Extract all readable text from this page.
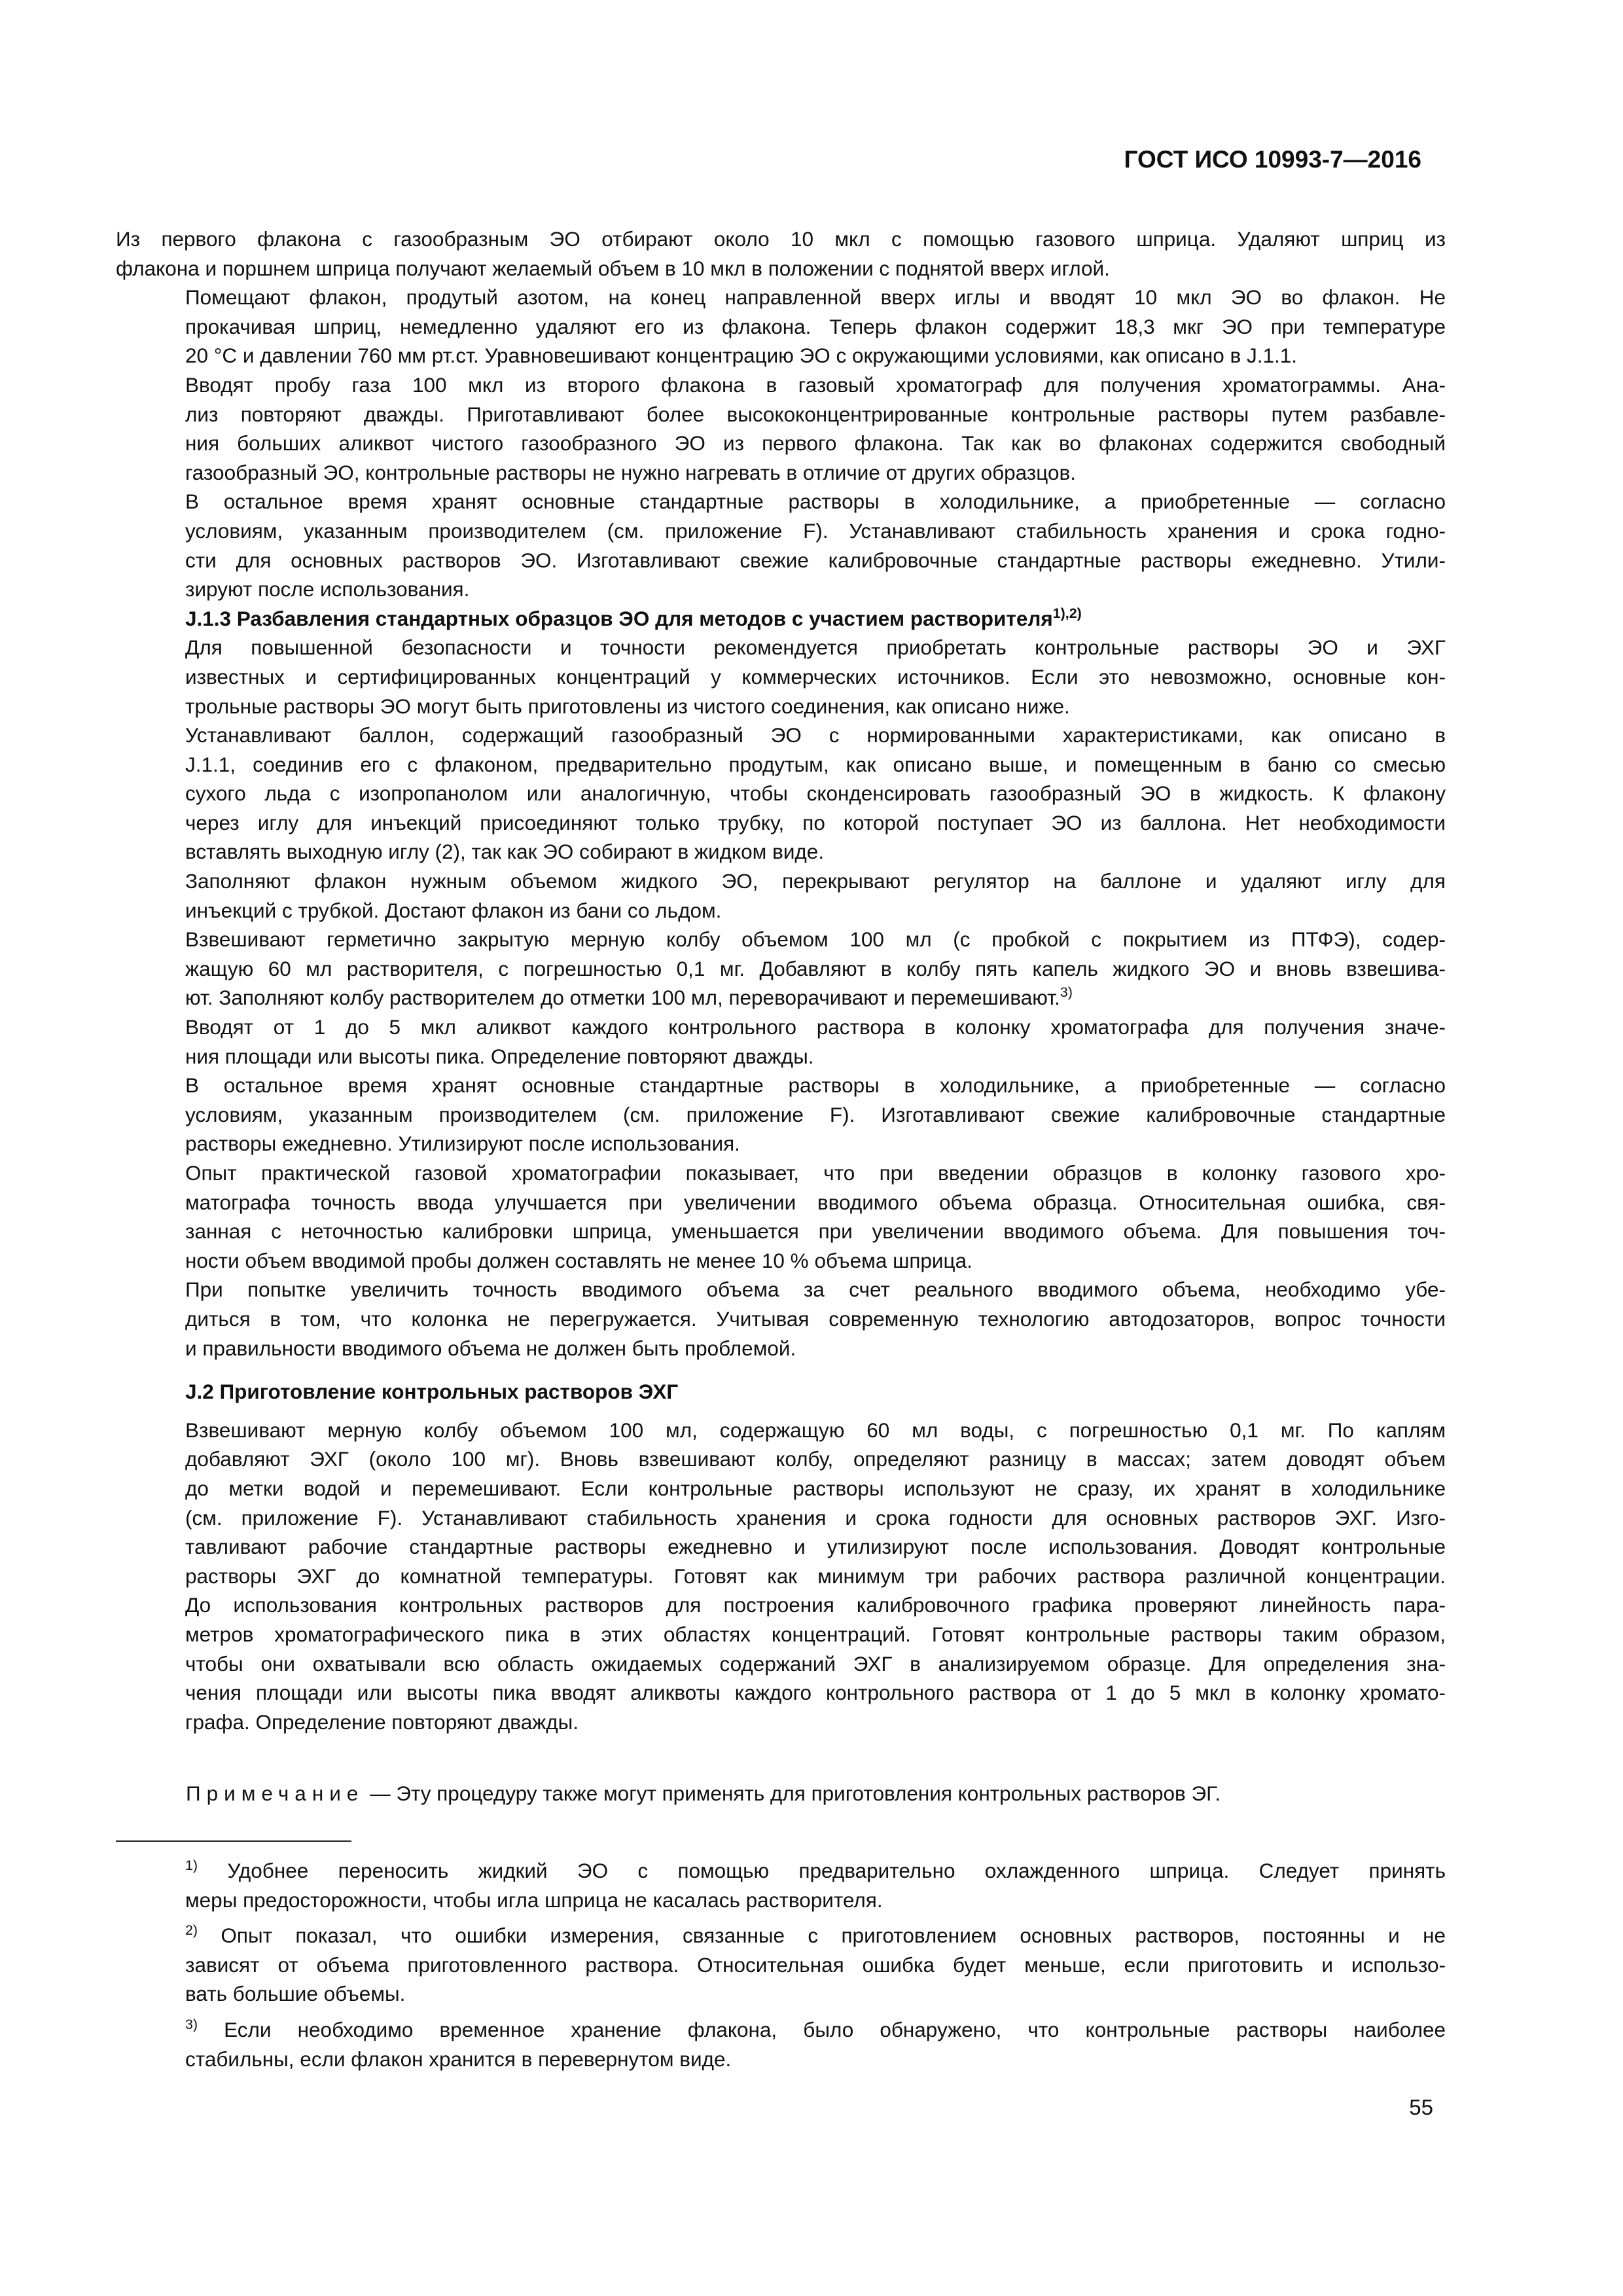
ГОСТ ИСО 10993-7—2016

Из первого флакона с газообразным ЭО отбирают около 10 мкл с помощью газового шприца. Удаляют шприц из
флакона и поршнем шприца получают желаемый объем в 10 мкл в положении с поднятой вверх иглой.

Помещают флакон, продутый азотом, на конец направленной вверх иглы и вводят 10 мкл ЭО во флакон. Не
прокачивая шприц, немедленно удаляют его из флакона. Теперь флакон содержит 18,3 мкг ЭО при температуре
20 °С и давлении 760 мм рт.ст. Уравновешивают концентрацию ЭО с окружающими условиями, как описано в J.1.1.

Вводят пробу газа 100 мкл из второго флакона в газовый хроматограф для получения хроматограммы. Ана-
лиз повторяют дважды. Приготавливают более высококонцентрированные контрольные растворы путем разбавле-
ния больших аликвот чистого газообразного ЭО из первого флакона. Так как во флаконах содержится свободный
газообразный ЭО, контрольные растворы не нужно нагревать в отличие от других образцов.

В остальное время хранят основные стандартные растворы в холодильнике, а приобретенные — согласно
условиям, указанным производителем (см. приложение F). Устанавливают стабильность хранения и срока годно-
сти для основных растворов ЭО. Изготавливают свежие калибровочные стандартные растворы ежедневно. Утили-
зируют после использования.

J.1.3 Разбавления стандартных образцов ЭО для методов с участием растворителя$^{1),2)}$

Для повышенной безопасности и точности рекомендуется приобретать контрольные растворы ЭО и ЭХГ
известных и сертифицированных концентраций у коммерческих источников. Если это невозможно, основные кон-
трольные растворы ЭО могут быть приготовлены из чистого соединения, как описано ниже.

Устанавливают баллон, содержащий газообразный ЭО с нормированными характеристиками, как описано в
J.1.1, соединив его с флаконом, предварительно продутым, как описано выше, и помещенным в баню со смесью
сухого льда с изопропанолом или аналогичную, чтобы сконденсировать газообразный ЭО в жидкость. К флакону
через иглу для инъекций присоединяют только трубку, по которой поступает ЭО из баллона. Нет необходимости
вставлять выходную иглу (2), так как ЭО собирают в жидком виде.

Заполняют флакон нужным объемом жидкого ЭО, перекрывают регулятор на баллоне и удаляют иглу для
инъекций с трубкой. Достают флакон из бани со льдом.

Взвешивают герметично закрытую мерную колбу объемом 100 мл (с пробкой с покрытием из ПТФЭ), содер-
жащую 60 мл растворителя, с погрешностью 0,1 мг. Добавляют в колбу пять капель жидкого ЭО и вновь взвешива-
ют. Заполняют колбу растворителем до отметки 100 мл, переворачивают и перемешивают.$^{3)}$

Вводят от 1 до 5 мкл аликвот каждого контрольного раствора в колонку хроматографа для получения значе-
ния площади или высоты пика. Определение повторяют дважды.

В остальное время хранят основные стандартные растворы в холодильнике, а приобретенные — согласно
условиям, указанным производителем (см. приложение F). Изготавливают свежие калибровочные стандартные
растворы ежедневно. Утилизируют после использования.

Опыт практической газовой хроматографии показывает, что при введении образцов в колонку газового хро-
матографа точность ввода улучшается при увеличении вводимого объема образца. Относительная ошибка, свя-
занная с неточностью калибровки шприца, уменьшается при увеличении вводимого объема. Для повышения точ-
ности объем вводимой пробы должен составлять не менее 10 % объема шприца.

При попытке увеличить точность вводимого объема за счет реального вводимого объема, необходимо убе-
диться в том, что колонка не перегружается. Учитывая современную технологию автодозаторов, вопрос точности
и правильности вводимого объема не должен быть проблемой.

J.2 Приготовление контрольных растворов ЭХГ

Взвешивают мерную колбу объемом 100 мл, содержащую 60 мл воды, с погрешностью 0,1 мг. По каплям
добавляют ЭХГ (около 100 мг). Вновь взвешивают колбу, определяют разницу в массах; затем доводят объем
до метки водой и перемешивают. Если контрольные растворы используют не сразу, их хранят в холодильнике
(см. приложение F). Устанавливают стабильность хранения и срока годности для основных растворов ЭХГ. Изго-
тавливают рабочие стандартные растворы ежедневно и утилизируют после использования. Доводят контрольные
растворы ЭХГ до комнатной температуры. Готовят как минимум три рабочих раствора различной концентрации.
До использования контрольных растворов для построения калибровочного графика проверяют линейность пара-
метров хроматографического пика в этих областях концентраций. Готовят контрольные растворы таким образом,
чтобы они охватывали всю область ожидаемых содержаний ЭХГ в анализируемом образце. Для определения зна-
чения площади или высоты пика вводят аликвоты каждого контрольного раствора от 1 до 5 мкл в колонку хромато-
графа. Определение повторяют дважды.

Примечание — Эту процедуру также могут применять для приготовления контрольных растворов ЭГ.

$^{1)}$ Удобнее переносить жидкий ЭО с помощью предварительно охлажденного шприца. Следует принять
меры предосторожности, чтобы игла шприца не касалась растворителя.

$^{2)}$ Опыт показал, что ошибки измерения, связанные с приготовлением основных растворов, постоянны и не
зависят от объема приготовленного раствора. Относительная ошибка будет меньше, если приготовить и использо-
вать большие объемы.

$^{3)}$ Если необходимо временное хранение флакона, было обнаружено, что контрольные растворы наиболее
стабильны, если флакон хранится в перевернутом виде.

55
